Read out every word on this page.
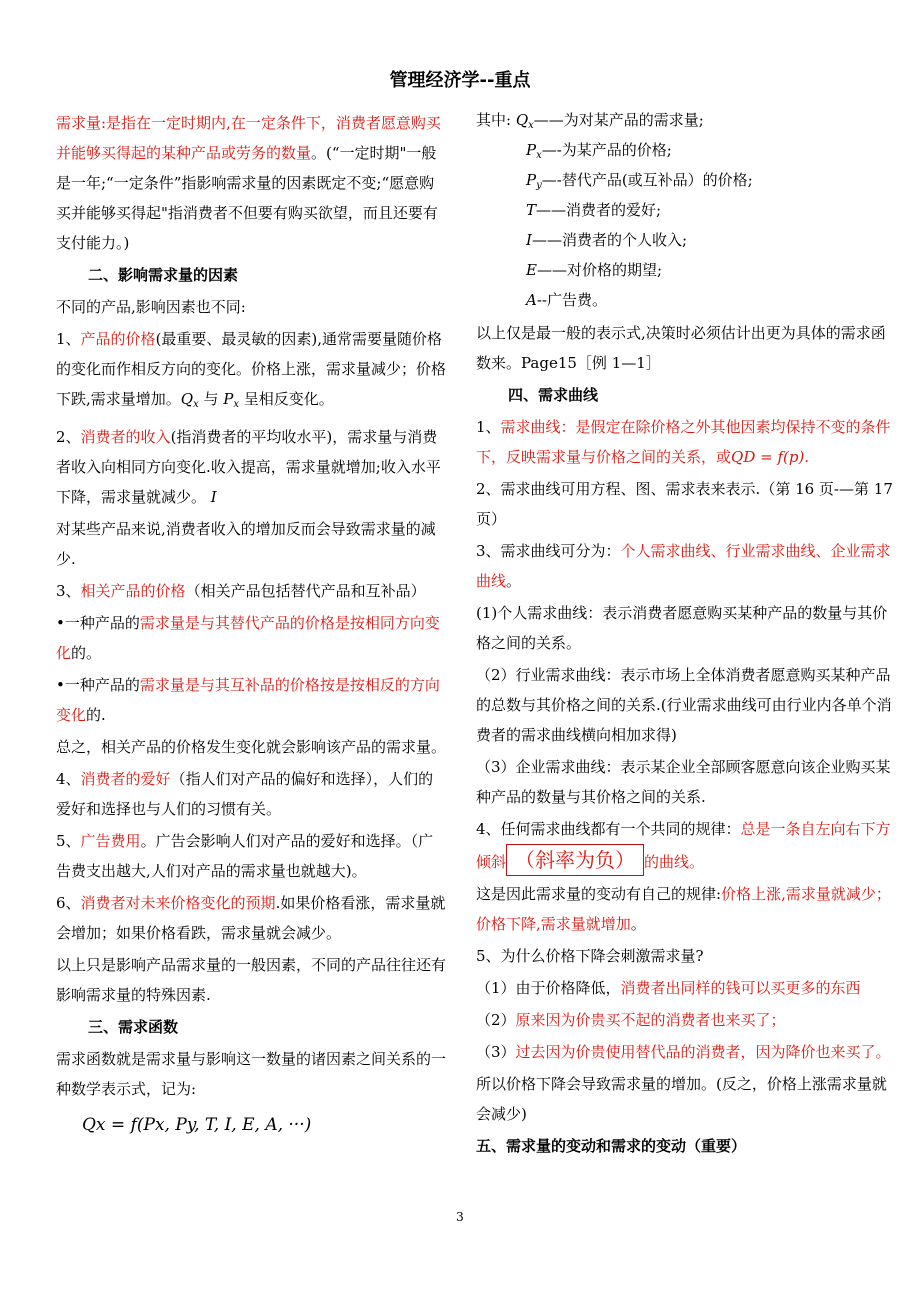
管理经济学--重点

需求量:是指在一定时期内,在一定条件下，消费者愿意购买并能够买得起的某种产品或劳务的数量。(“一定时期"一般是一年;“一定条件”指影响需求量的因素既定不变;“愿意购买并能够买得起"指消费者不但要有购买欲望，而且还要有支付能力。)

二、影响需求量的因素

不同的产品,影响因素也不同:

1、产品的价格(最重要、最灵敏的因素),通常需要量随价格的变化而作相反方向的变化。价格上涨，需求量减少；价格下跌,需求量增加。$Q_x$ 与 $P_x$ 呈相反变化。

2、消费者的收入(指消费者的平均收水平)，需求量与消费者收入向相同方向变化.收入提高，需求量就增加;收入水平下降，需求量就减少。 I

对某些产品来说,消费者收入的增加反而会导致需求量的减少.

3、相关产品的价格（相关产品包括替代产品和互补品）

•一种产品的需求量是与其替代产品的价格是按相同方向变化的。

•一种产品的需求量是与其互补品的价格按是按相反的方向变化的.

总之，相关产品的价格发生变化就会影响该产品的需求量。

4、消费者的爱好（指人们对产品的偏好和选择），人们的爱好和选择也与人们的习惯有关。

5、广告费用。广告会影响人们对产品的爱好和选择。（广告费支出越大,人们对产品的需求量也就越大)。

6、消费者对未来价格变化的预期.如果价格看涨，需求量就会增加；如果价格看跌，需求量就会减少。

以上只是影响产品需求量的一般因素，不同的产品往往还有影响需求量的特殊因素.

三、需求函数

需求函数就是需求量与影响这一数量的诸因素之间关系的一种数学表示式，记为:

Qx = f(Px, Py, T, I, E, A, ···)

其中: $Q_x——$为对某产品的需求量;

$P_x—-$为某产品的价格;

$P_y—-$替代产品(或互补品）的价格;

T——消费者的爱好;

I——消费者的个人收入;

E——对价格的期望;

A--广告费。

以上仅是最一般的表示式,决策时必须估计出更为具体的需求函数来。Page15［例 1—1］

四、需求曲线

1、需求曲线：是假定在除价格之外其他因素均保持不变的条件下，反映需求量与价格之间的关系，或QD = f(p).

2、需求曲线可用方程、图、需求表来表示.（第 16 页-—第 17 页）

3、需求曲线可分为：个人需求曲线、行业需求曲线、企业需求曲线。

(1)个人需求曲线：表示消费者愿意购买某种产品的数量与其价格之间的关系。

（2）行业需求曲线：表示市场上全体消费者愿意购买某种产品的总数与其价格之间的关系.(行业需求曲线可由行业内各单个消费者的需求曲线横向相加求得)

（3）企业需求曲线：表示某企业全部顾客愿意向该企业购买某种产品的数量与其价格之间的关系.

4、任何需求曲线都有一个共同的规律：总是一条自左向右下方倾斜 （斜率为负） 的曲线。

这是因此需求量的变动有自己的规律:价格上涨,需求量就减少；价格下降,需求量就增加。

5、为什么价格下降会刺激需求量?

（1）由于价格降低，消费者出同样的钱可以买更多的东西

（2）原来因为价贵买不起的消费者也来买了；

（3）过去因为价贵使用替代品的消费者，因为降价也来买了。

所以价格下降会导致需求量的增加。(反之，价格上涨需求量就会减少)

五、需求量的变动和需求的变动（重要）

3
